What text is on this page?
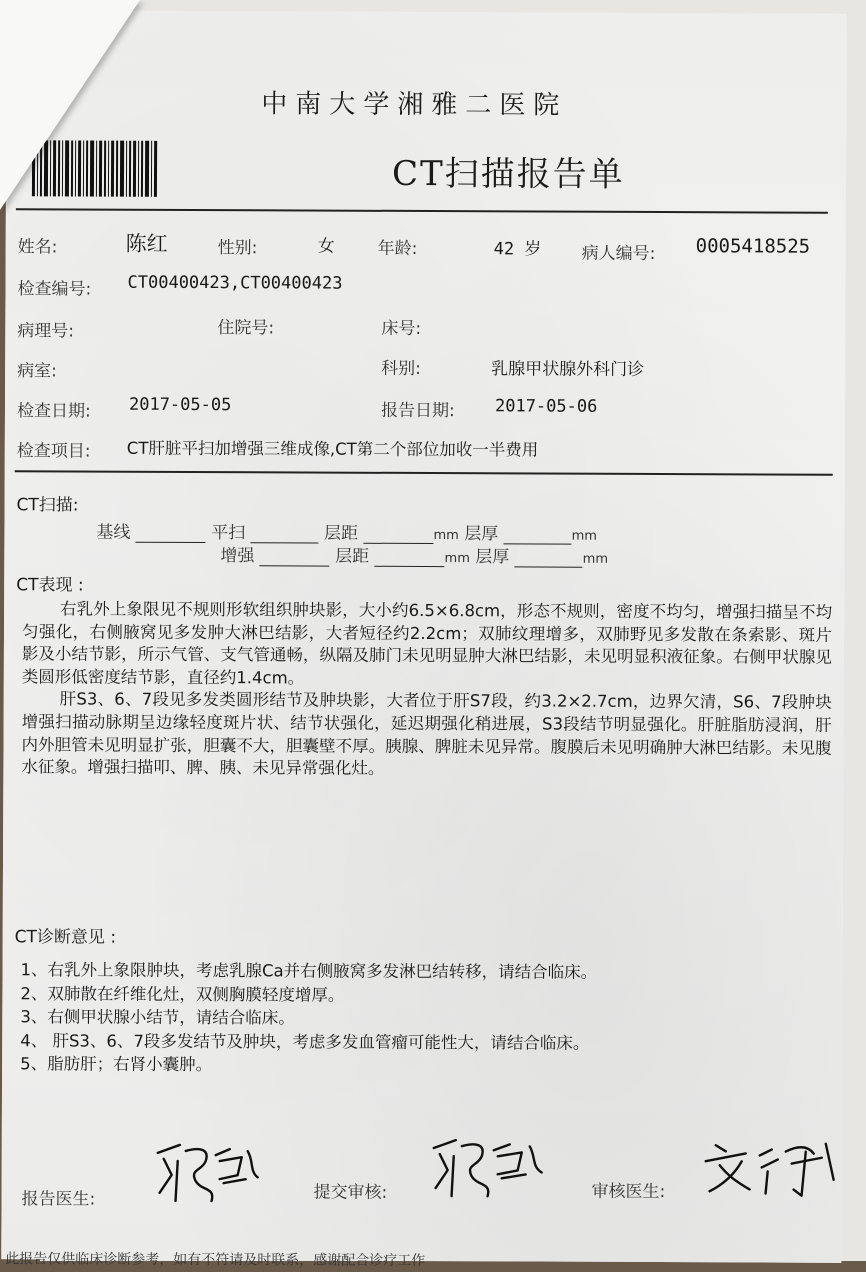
中南大学湘雅二医院
CT扫描报告单
姓名:	陈红	性别:	女	年龄:	42 岁 病人编号: 0005418525
检查编号: CT00400423,CT00400423
病理号:	住院号:	床号:
病室:	科别:	乳腺甲状腺外科门诊
检查日期: 2017-05-05	报告日期: 2017-05-06
检查项目: CT肝脏平扫加增强三维成像,CT第二个部位加收一半费用
CT扫描:
基线	平扫	层距	mm 层厚	mm
增强	层距	mm 层厚	mm
CT表现 :

右乳外上象限见不规则形软组织肿块影，大小约6.5×6.8cm，形态不规则，密度不均匀，增强扫描呈不均匀强化，右侧腋窝见多发肿大淋巴结影，大者短径约2.2cm；双肺纹理增多，双肺野见多发散在条索影、斑片影及小结节影，所示气管、支气管通畅，纵隔及肺门未见明显肿大淋巴结影，未见明显积液征象。右侧甲状腺见类圆形低密度结节影，直径约1.4cm。

肝S3、6、7段见多发类圆形结节及肿块影，大者位于肝S7段，约3.2×2.7cm，边界欠清，S6、7段肿块增强扫描动脉期呈边缘轻度斑片状、结节状强化，延迟期强化稍进展，S3段结节明显强化。肝脏脂肪浸润，肝内外胆管未见明显扩张，胆囊不大，胆囊壁不厚。胰腺、脾脏未见异常。腹膜后未见明确肿大淋巴结影。未见腹水征象。增强扫描叩、脾、胰、未见异常强化灶。

CT诊断意见 :
1、右乳外上象限肿块，考虑乳腺Ca并右侧腋窝多发淋巴结转移，请结合临床。
2、双肺散在纤维化灶，双侧胸膜轻度增厚。
3、右侧甲状腺小结节，请结合临床。
4、 肝S3、6、7段多发结节及肿块，考虑多发血管瘤可能性大，请结合临床。
5、脂肪肝；右肾小囊肿。
报告医生:	提交审核:	审核医生:
此报告仅供临床诊断参考，如有不符请及时联系，感谢配合诊疗工作
